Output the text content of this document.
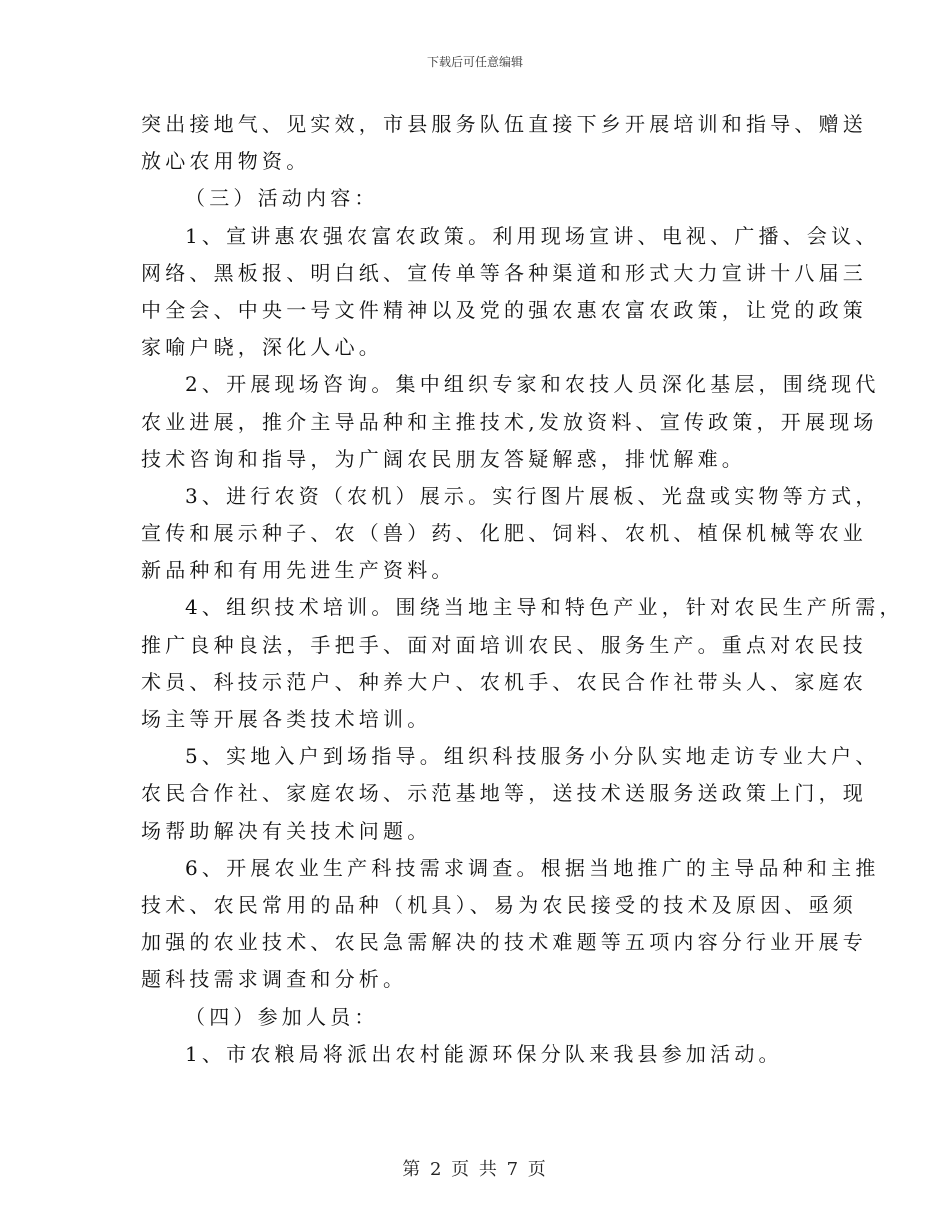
下载后可任意编辑
突出接地气、见实效，市县服务队伍直接下乡开展培训和指导、赠送
放心农用物资。
（三）活动内容：
1、宣讲惠农强农富农政策。利用现场宣讲、电视、广播、会议、
网络、黑板报、明白纸、宣传单等各种渠道和形式大力宣讲十八届三
中全会、中央一号文件精神以及党的强农惠农富农政策，让党的政策
家喻户晓，深化人心。
2、开展现场咨询。集中组织专家和农技人员深化基层，围绕现代
农业进展，推介主导品种和主推技术,发放资料、宣传政策，开展现场
技术咨询和指导，为广阔农民朋友答疑解惑，排忧解难。
3、进行农资（农机）展示。实行图片展板、光盘或实物等方式，
宣传和展示种子、农（兽）药、化肥、饲料、农机、植保机械等农业
新品种和有用先进生产资料。
4、组织技术培训。围绕当地主导和特色产业，针对农民生产所需，
推广良种良法，手把手、面对面培训农民、服务生产。重点对农民技
术员、科技示范户、种养大户、农机手、农民合作社带头人、家庭农
场主等开展各类技术培训。
5、实地入户到场指导。组织科技服务小分队实地走访专业大户、
农民合作社、家庭农场、示范基地等，送技术送服务送政策上门，现
场帮助解决有关技术问题。
6、开展农业生产科技需求调查。根据当地推广的主导品种和主推
技术、农民常用的品种（机具）、易为农民接受的技术及原因、亟须
加强的农业技术、农民急需解决的技术难题等五项内容分行业开展专
题科技需求调查和分析。
（四）参加人员：
1、市农粮局将派出农村能源环保分队来我县参加活动。
第 2 页 共 7 页
